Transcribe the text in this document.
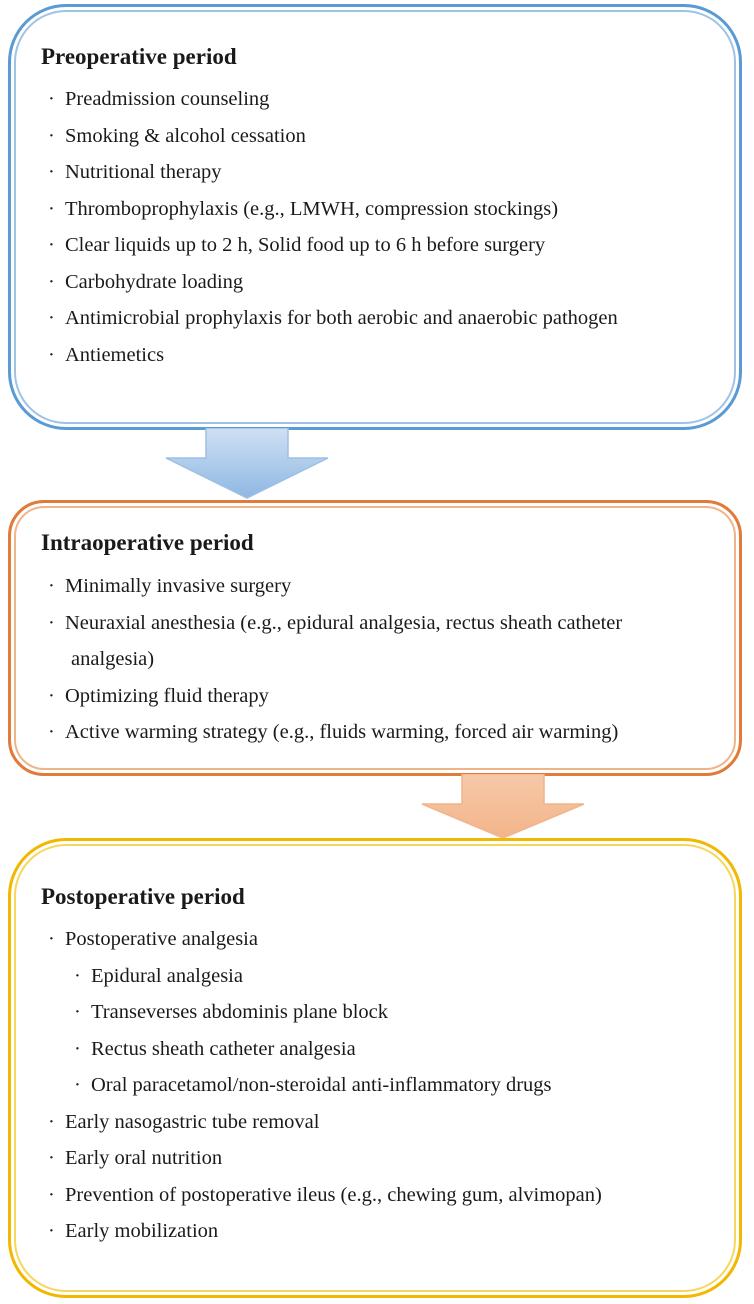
Preoperative period
· Preadmission counseling
· Smoking & alcohol cessation
· Nutritional therapy
· Thromboprophylaxis (e.g., LMWH, compression stockings)
· Clear liquids up to 2 h, Solid food up to 6 h before surgery
· Carbohydrate loading
· Antimicrobial prophylaxis for both aerobic and anaerobic pathogen
· Antiemetics
Intraoperative period
· Minimally invasive surgery
· Neuraxial anesthesia (e.g., epidural analgesia, rectus sheath catheter
analgesia)
· Optimizing fluid therapy
· Active warming strategy (e.g., fluids warming, forced air warming)
Postoperative period
· Postoperative analgesia
· Epidural analgesia
· Transeverses abdominis plane block
· Rectus sheath catheter analgesia
· Oral paracetamol/non-steroidal anti-inflammatory drugs
· Early nasogastric tube removal
· Early oral nutrition
· Prevention of postoperative ileus (e.g., chewing gum, alvimopan)
· Early mobilization
